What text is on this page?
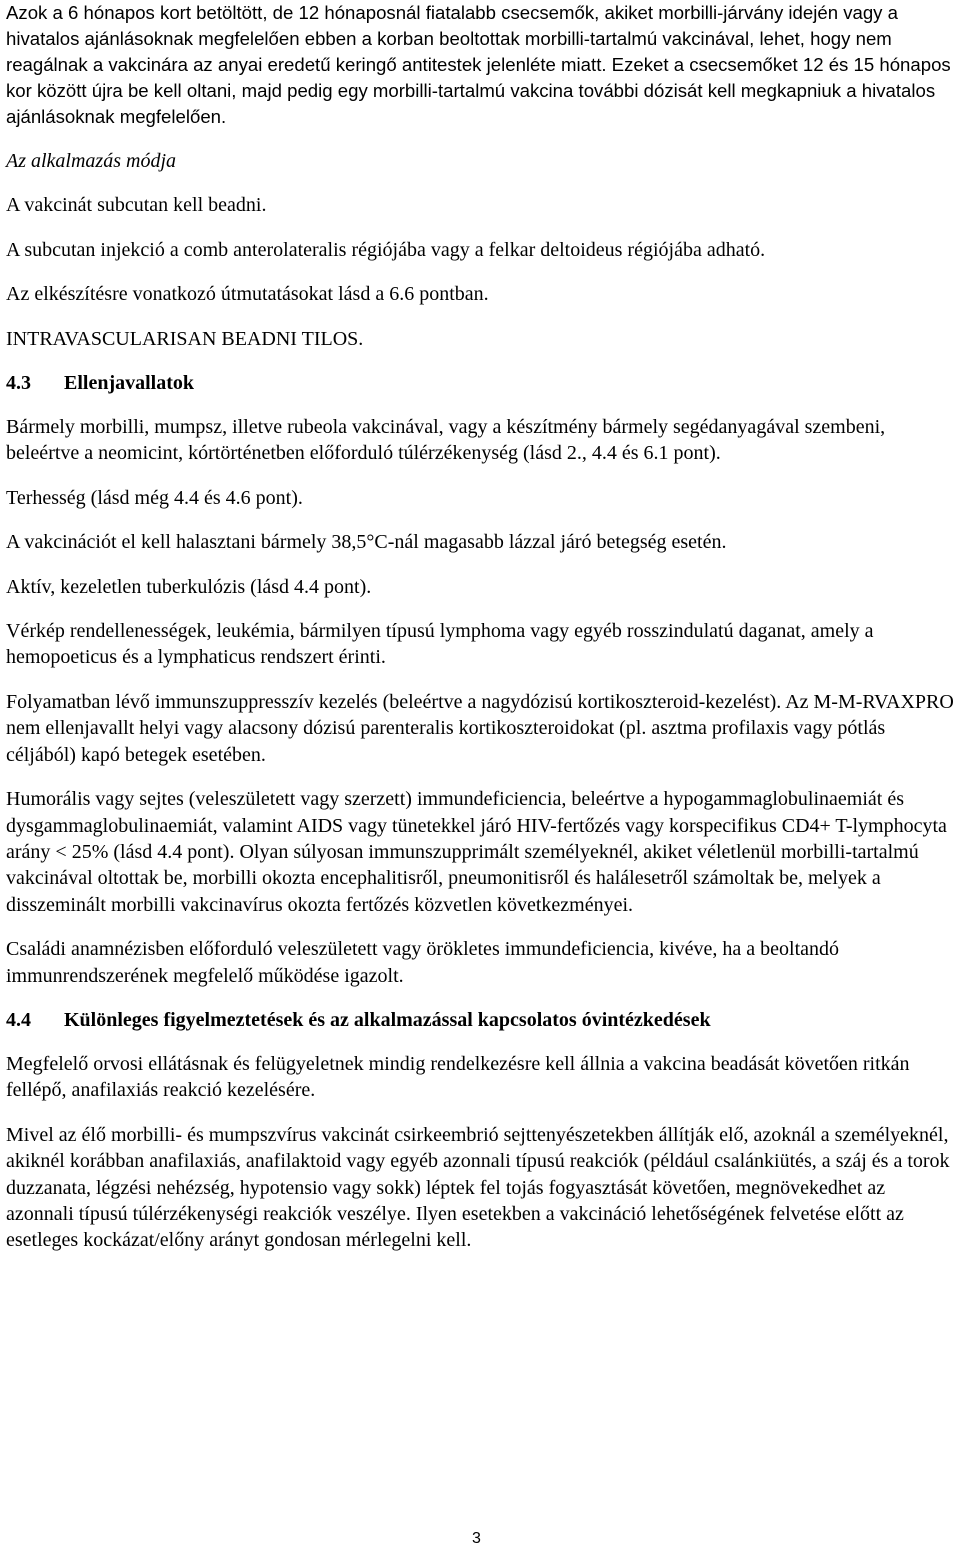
Azok a 6 hónapos kort betöltött, de 12 hónaposnál fiatalabb csecsemők, akiket morbilli-járvány idején vagy a hivatalos ajánlásoknak megfelelően ebben a korban beoltottak morbilli-tartalmú vakcinával, lehet, hogy nem reagálnak a vakcinára az anyai eredetű keringő antitestek jelenléte miatt. Ezeket a csecsemőket 12 és 15 hónapos kor között újra be kell oltani, majd pedig egy morbilli-tartalmú vakcina további dózisát kell megkapniuk a hivatalos ajánlásoknak megfelelően.

Az alkalmazás módja

A vakcinát subcutan kell beadni.

A subcutan injekció a comb anterolateralis régiójába vagy a felkar deltoideus régiójába adható.

Az elkészítésre vonatkozó útmutatásokat lásd a 6.6 pontban.

INTRAVASCULARISAN BEADNI TILOS.

4.3	Ellenjavallatok

Bármely morbilli, mumpsz, illetve rubeola vakcinával, vagy a készítmény bármely segédanyagával szembeni, beleértve a neomicint, kórtörténetben előforduló túlérzékenység (lásd 2., 4.4 és 6.1 pont).

Terhesség (lásd még 4.4 és 4.6 pont).

A vakcinációt el kell halasztani bármely 38,5°C-nál magasabb lázzal járó betegség esetén.

Aktív, kezeletlen tuberkulózis (lásd 4.4 pont).

Vérkép rendellenességek, leukémia, bármilyen típusú lymphoma vagy egyéb rosszindulatú daganat, amely a hemopoeticus és a lymphaticus rendszert érinti.

Folyamatban lévő immunszuppresszív kezelés (beleértve a nagydózisú kortikoszteroid-kezelést). Az M-M-RVAXPRO nem ellenjavallt helyi vagy alacsony dózisú parenteralis kortikoszteroidokat (pl. asztma profilaxis vagy pótlás céljából) kapó betegek esetében.

Humorális vagy sejtes (veleszületett vagy szerzett) immundeficiencia, beleértve a hypogammaglobulinaemiát és dysgammaglobulinaemiát, valamint AIDS vagy tünetekkel járó HIV-fertőzés vagy korspecifikus CD4+ T-lymphocyta arány < 25% (lásd 4.4 pont). Olyan súlyosan immunszupprimált személyeknél, akiket véletlenül morbilli-tartalmú vakcinával oltottak be, morbilli okozta encephalitisről, pneumonitisről és halálesetről számoltak be, melyek a disszeminált morbilli vakcinavírus okozta fertőzés közvetlen következményei.

Családi anamnézisben előforduló veleszületett vagy örökletes immundeficiencia, kivéve, ha a beoltandó immunrendszerének megfelelő működése igazolt.

4.4	Különleges figyelmeztetések és az alkalmazással kapcsolatos óvintézkedések

Megfelelő orvosi ellátásnak és felügyeletnek mindig rendelkezésre kell állnia a vakcina beadását követően ritkán fellépő, anafilaxiás reakció kezelésére.

Mivel az élő morbilli- és mumpszvírus vakcinát csirkeembrió sejttenyészetekben állítják elő, azoknál a személyeknél, akiknél korábban anafilaxiás, anafilaktoid vagy egyéb azonnali típusú reakciók (például csalánkiütés, a száj és a torok duzzanata, légzési nehézség, hypotensio vagy sokk) léptek fel tojás fogyasztását követően, megnövekedhet az azonnali típusú túlérzékenységi reakciók veszélye. Ilyen esetekben a vakcináció lehetőségének felvetése előtt az esetleges kockázat/előny arányt gondosan mérlegelni kell.

3
